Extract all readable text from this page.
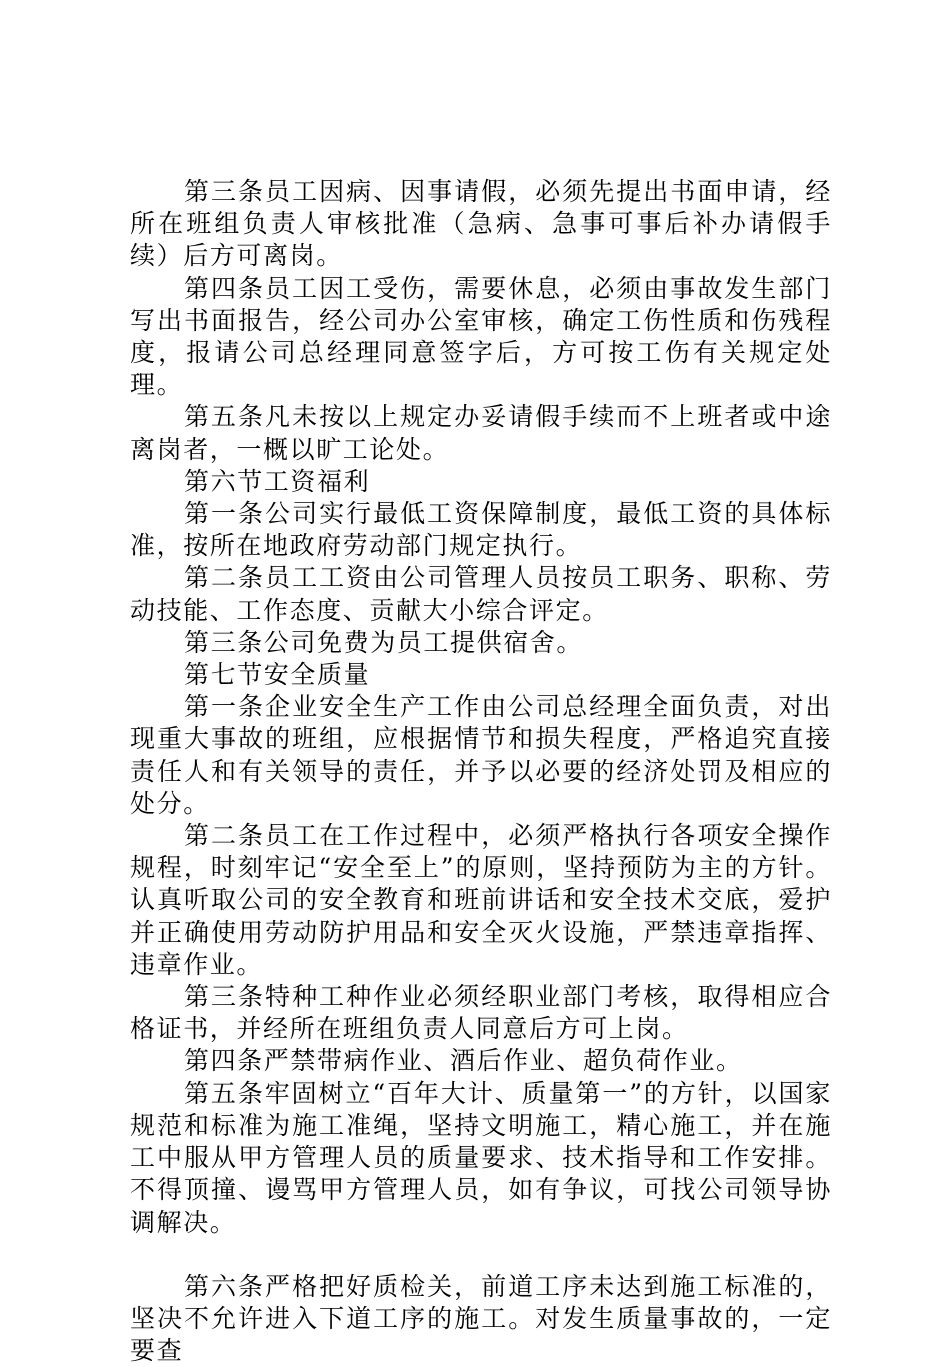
第三条员工因病、因事请假，必须先提出书面申请，经所在班组负责人审核批准（急病、急事可事后补办请假手续）后方可离岗。

第四条员工因工受伤，需要休息，必须由事故发生部门写出书面报告，经公司办公室审核，确定工伤性质和伤残程度，报请公司总经理同意签字后，方可按工伤有关规定处理。

第五条凡未按以上规定办妥请假手续而不上班者或中途离岗者，一概以旷工论处。

第六节工资福利

第一条公司实行最低工资保障制度，最低工资的具体标准，按所在地政府劳动部门规定执行。

第二条员工工资由公司管理人员按员工职务、职称、劳动技能、工作态度、贡献大小综合评定。

第三条公司免费为员工提供宿舍。

第七节安全质量

第一条企业安全生产工作由公司总经理全面负责，对出现重大事故的班组，应根据情节和损失程度，严格追究直接责任人和有关领导的责任，并予以必要的经济处罚及相应的处分。

第二条员工在工作过程中，必须严格执行各项安全操作规程，时刻牢记“安全至上”的原则，坚持预防为主的方针。认真听取公司的安全教育和班前讲话和安全技术交底，爱护并正确使用劳动防护用品和安全灭火设施，严禁违章指挥、违章作业。

第三条特种工种作业必须经职业部门考核，取得相应合格证书，并经所在班组负责人同意后方可上岗。

第四条严禁带病作业、酒后作业、超负荷作业。

第五条牢固树立“百年大计、质量第一”的方针，以国家规范和标准为施工准绳，坚持文明施工，精心施工，并在施工中服从甲方管理人员的质量要求、技术指导和工作安排。不得顶撞、谩骂甲方管理人员，如有争议，可找公司领导协调解决。

第六条严格把好质检关，前道工序未达到施工标准的，坚决不允许进入下道工序的施工。对发生质量事故的，一定要查
